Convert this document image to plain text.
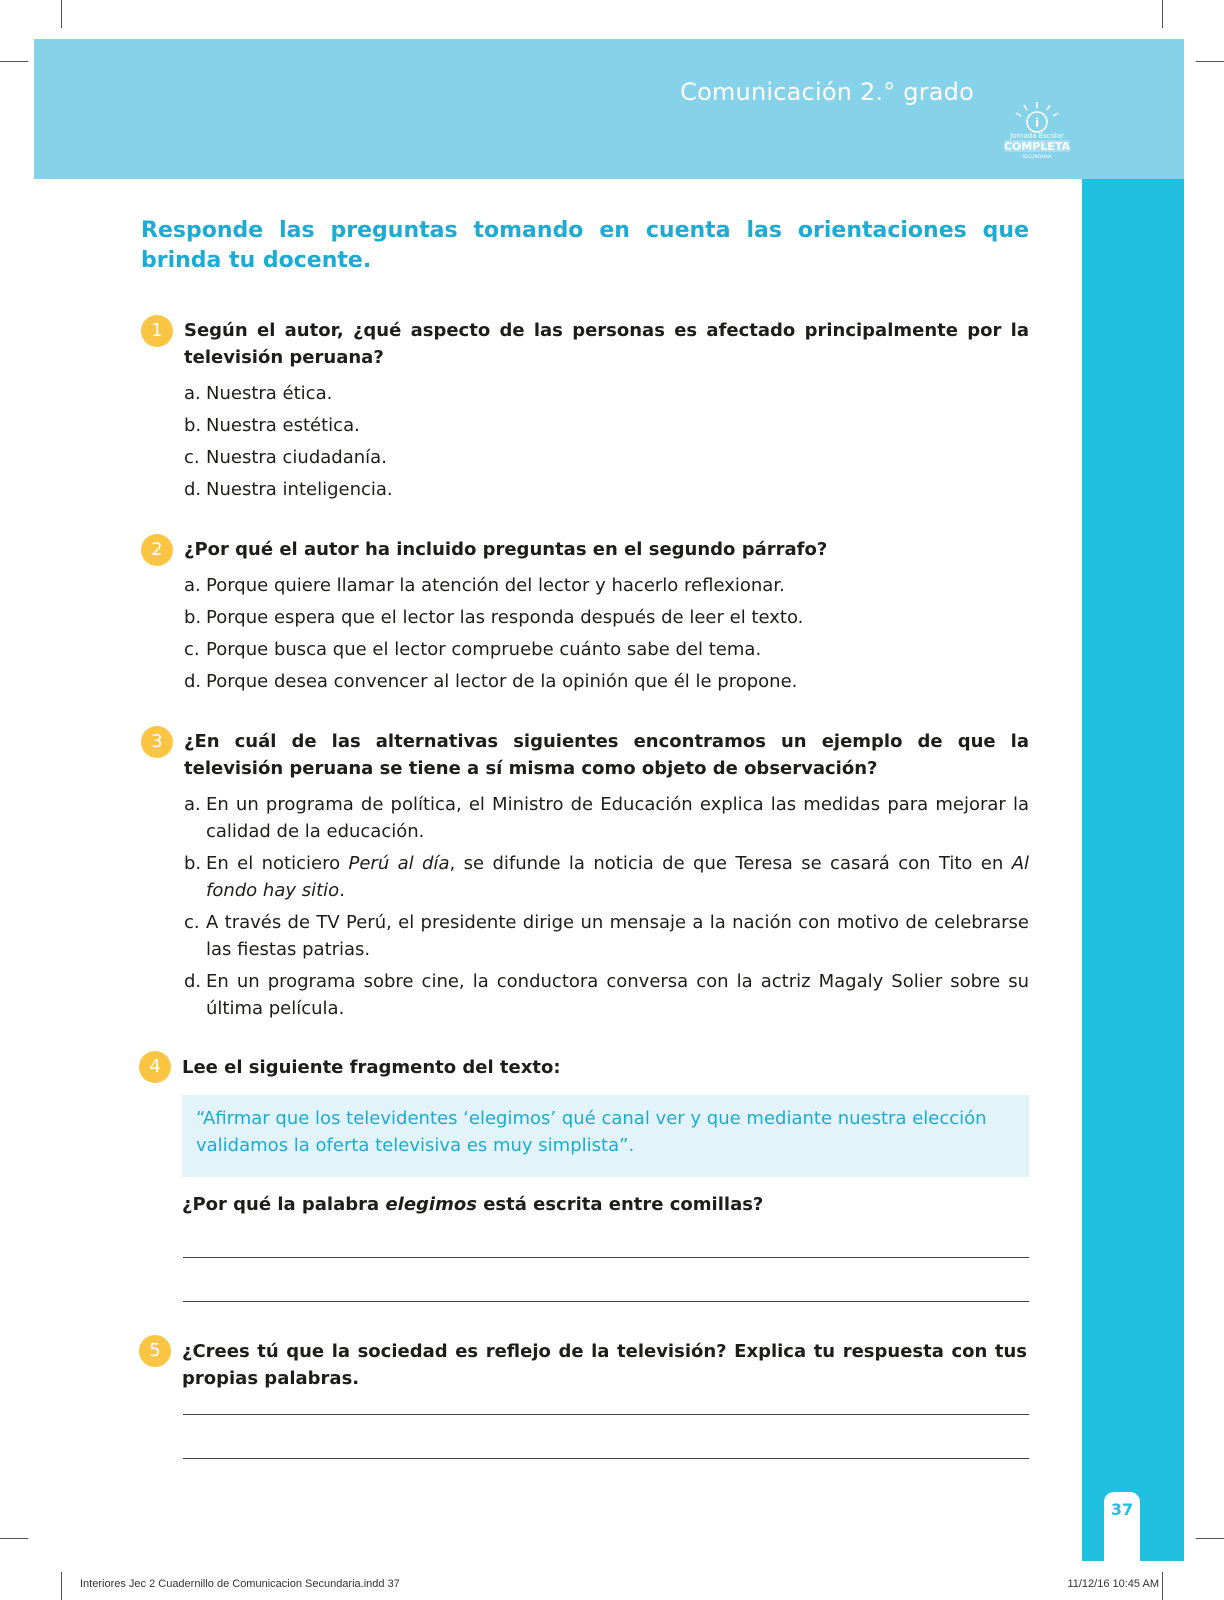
Comunicación 2.° grado
i
Jornada Escolar
COMPLETA
SECUNDARIA
37
Responde las preguntas tomando en cuenta las orientaciones que brinda tu docente.
1	Según el autor, ¿qué aspecto de las personas es afectado principalmente por la televisión peruana?
a. Nuestra ética.
b. Nuestra estética.
c. Nuestra ciudadanía.
d. Nuestra inteligencia.
2	¿Por qué el autor ha incluido preguntas en el segundo párrafo?
a. Porque quiere llamar la atención del lector y hacerlo reflexionar.
b. Porque espera que el lector las responda después de leer el texto.
c. Porque busca que el lector compruebe cuánto sabe del tema.
d. Porque desea convencer al lector de la opinión que él le propone.
3	¿En cuál de las alternativas siguientes encontramos un ejemplo de que la televisión peruana se tiene a sí misma como objeto de observación?
a. En un programa de política, el Ministro de Educación explica las medidas para mejorar la calidad de la educación.
b. En el noticiero Perú al día, se difunde la noticia de que Teresa se casará con Tito en Al fondo hay sitio.
c. A través de TV Perú, el presidente dirige un mensaje a la nación con motivo de celebrarse las fiestas patrias.
d. En un programa sobre cine, la conductora conversa con la actriz Magaly Solier sobre su última película.
4	Lee el siguiente fragmento del texto:
“Afirmar que los televidentes ‘elegimos’ qué canal ver y que mediante nuestra elección validamos la oferta televisiva es muy simplista”.
¿Por qué la palabra elegimos está escrita entre comillas?
5	¿Crees tú que la sociedad es reflejo de la televisión? Explica tu respuesta con tus propias palabras.
Interiores Jec 2 Cuadernillo de Comunicacion Secundaria.indd 37	11/12/16 10:45 AM
